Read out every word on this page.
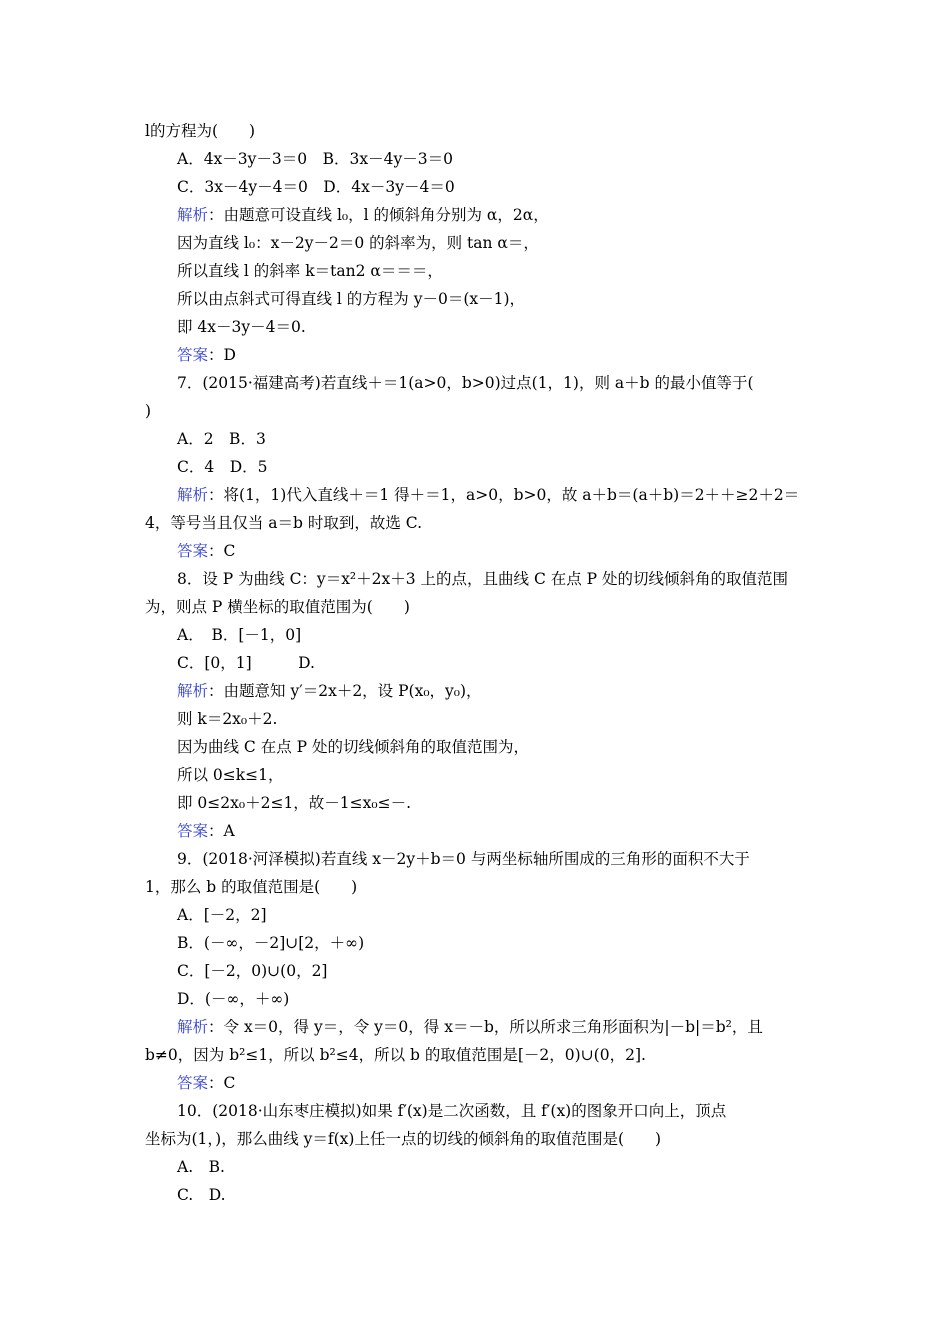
l的方程为(　　)
A．4x－3y－3＝0　B．3x－4y－3＝0
C．3x－4y－4＝0　D．4x－3y－4＝0
解析：由题意可设直线 l₀，l 的倾斜角分别为 α，2α，
因为直线 l₀：x－2y－2＝0 的斜率为，则 tan α＝，
所以直线 l 的斜率 k＝tan2 α＝＝＝，
所以由点斜式可得直线 l 的方程为 y－0＝(x－1)，
即 4x－3y－4＝0.
答案：D
7．(2015·福建高考)若直线＋＝1(a>0，b>0)过点(1，1)，则 a＋b 的最小值等于(
)
A．2　B．3
C．4　D．5
解析：将(1，1)代入直线＋＝1 得＋＝1，a>0，b>0，故 a＋b＝(a＋b)＝2＋＋≥2＋2＝
4，等号当且仅当 a＝b 时取到，故选 C.
答案：C
8．设 P 为曲线 C：y＝x²＋2x＋3 上的点，且曲线 C 在点 P 处的切线倾斜角的取值范围
为，则点 P 横坐标的取值范围为(　　)
A．　B．[－1，0]
C．[0，1]　　　D.
解析：由题意知 y′＝2x＋2，设 P(x₀，y₀)，
则 k＝2x₀＋2.
因为曲线 C 在点 P 处的切线倾斜角的取值范围为，
所以 0≤k≤1，
即 0≤2x₀＋2≤1，故－1≤x₀≤－.
答案：A
9．(2018·河泽模拟)若直线 x－2y＋b＝0 与两坐标轴所围成的三角形的面积不大于
1，那么 b 的取值范围是(　　)
A．[－2，2]
B．(－∞，－2]∪[2，＋∞)
C．[－2，0)∪(0，2]
D．(－∞，＋∞)
解析：令 x＝0，得 y＝，令 y＝0，得 x＝－b，所以所求三角形面积为|－b|＝b²，且
b≠0，因为 b²≤1，所以 b²≤4，所以 b 的取值范围是[－2，0)∪(0，2].
答案：C
10．(2018·山东枣庄模拟)如果 f′(x)是二次函数，且 f′(x)的图象开口向上，顶点
坐标为(1，)，那么曲线 y＝f(x)上任一点的切线的倾斜角的取值范围是(　　)
A.　B.
C.　D.
